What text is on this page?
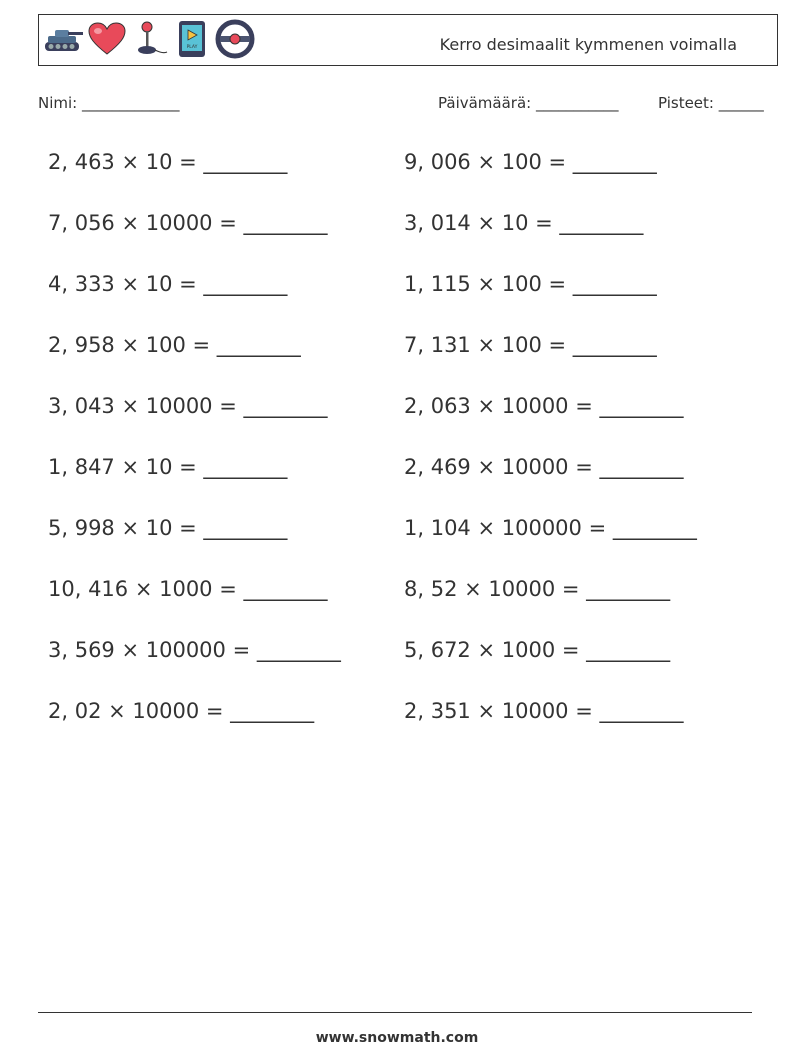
PLAY	Kerro desimaalit kymmenen voimalla
Nimi: _____________	Päivämäärä: ___________	Pisteet: ______
2, 463 × 10 = ________
7, 056 × 10000 = ________
4, 333 × 10 = ________
2, 958 × 100 = ________
3, 043 × 10000 = ________
1, 847 × 10 = ________
5, 998 × 10 = ________
10, 416 × 1000 = ________
3, 569 × 100000 = ________
2, 02 × 10000 = ________
9, 006 × 100 = ________
3, 014 × 10 = ________
1, 115 × 100 = ________
7, 131 × 100 = ________
2, 063 × 10000 = ________
2, 469 × 10000 = ________
1, 104 × 100000 = ________
8, 52 × 10000 = ________
5, 672 × 1000 = ________
2, 351 × 10000 = ________
www.snowmath.com
